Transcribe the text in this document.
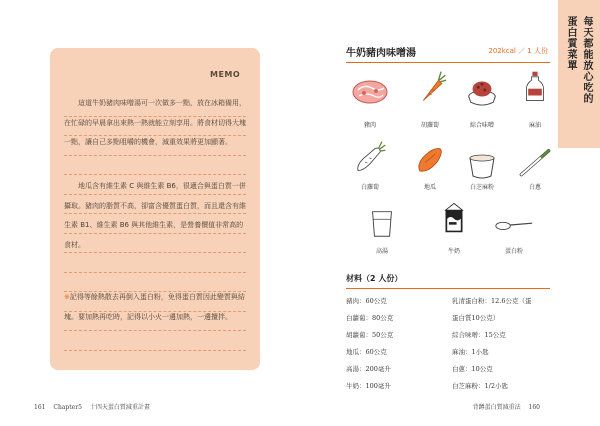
MEMO
這道牛奶豬肉味噌湯可一次做多一點，放在冰箱備用，在忙碌的早晨拿出來熱一熱就能立刻享用。將食材切得大塊一點，讓自己多點咀嚼的機會，減重效果將更加顯著。
地瓜含有維生素 C 與維生素 B6，很適合與蛋白質一併攝取。豬肉的脂質不高，卻富含優質蛋白質，而且還含有維生素 B1、維生素 B6 與其他維生素，是營養價值非常高的食材。
※記得等餘熱散去再倒入蛋白粉，免得蛋白質因此變質與結塊。要加熱再吃時，記得以小火一邊加熱，一邊攪拌。
161 Chapter5 十四天蛋白質減重計畫
牛奶豬肉味噌湯	202kcal ／ 1 人份
豬肉	胡蘿蔔	綜合味噌	麻油
白蘿蔔	地瓜	白芝麻粉	白蔥
高湯	牛奶	蛋白粉
材料（2 人份）
豬肉：60公克
白蘿蔔：80公克
胡蘿蔔：50公克
地瓜：60公克
高湯：200毫升
牛奶：100毫升
乳清蛋白粉：12.6公克（蛋
蛋白質10公克）
綜合味噌：15公克
麻油：1小匙
白蔥：10公克
白芝麻粉：1/2小匙
背蹲蛋白質減重法 160
每天都能放心吃的
蛋白質菜單
